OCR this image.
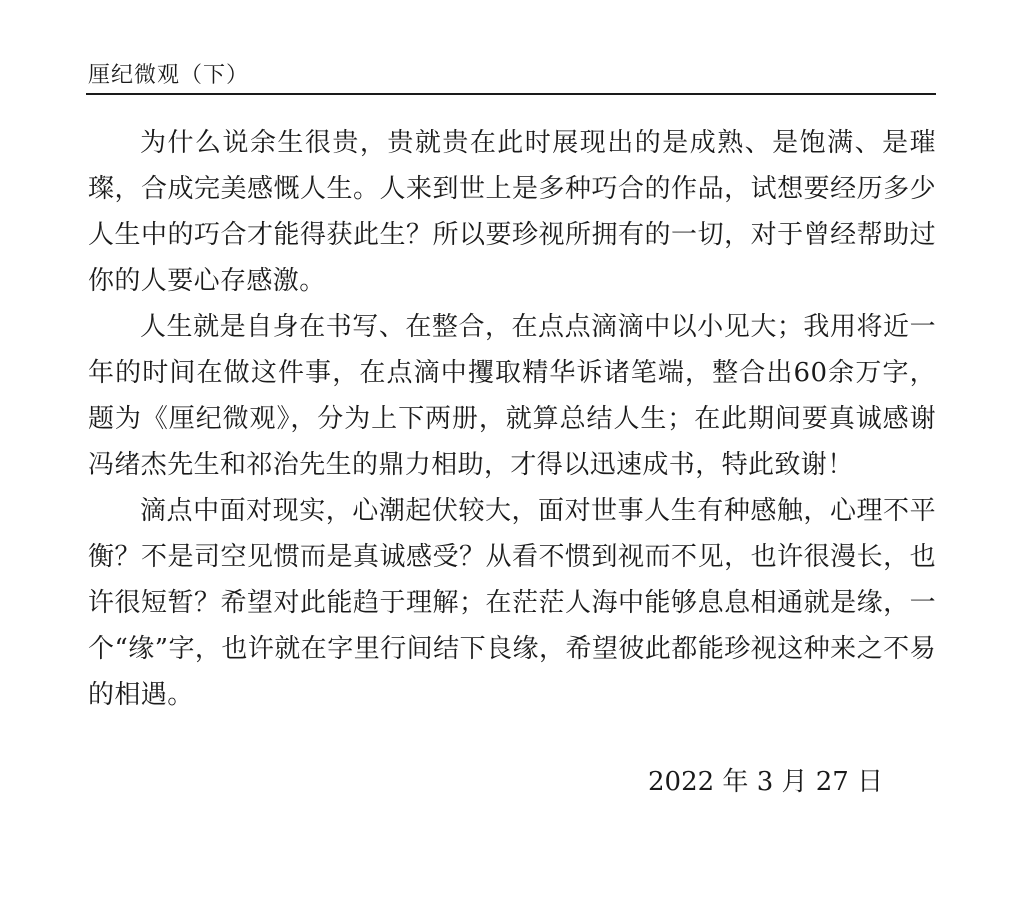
厘纪微观（下）

为什么说余生很贵，贵就贵在此时展现出的是成熟、是饱满、是璀璨，合成完美感慨人生。人来到世上是多种巧合的作品，试想要经历多少人生中的巧合才能得获此生？所以要珍视所拥有的一切，对于曾经帮助过你的人要心存感激。

人生就是自身在书写、在整合，在点点滴滴中以小见大；我用将近一年的时间在做这件事，在点滴中攫取精华诉诸笔端，整合出60余万字，题为《厘纪微观》，分为上下两册，就算总结人生；在此期间要真诚感谢冯绪杰先生和祁治先生的鼎力相助，才得以迅速成书，特此致谢！

滴点中面对现实，心潮起伏较大，面对世事人生有种感触，心理不平衡？不是司空见惯而是真诚感受？从看不惯到视而不见，也许很漫长，也许很短暂？希望对此能趋于理解；在茫茫人海中能够息息相通就是缘，一个“缘”字，也许就在字里行间结下良缘，希望彼此都能珍视这种来之不易的相遇。

2022 年 3 月 27 日
